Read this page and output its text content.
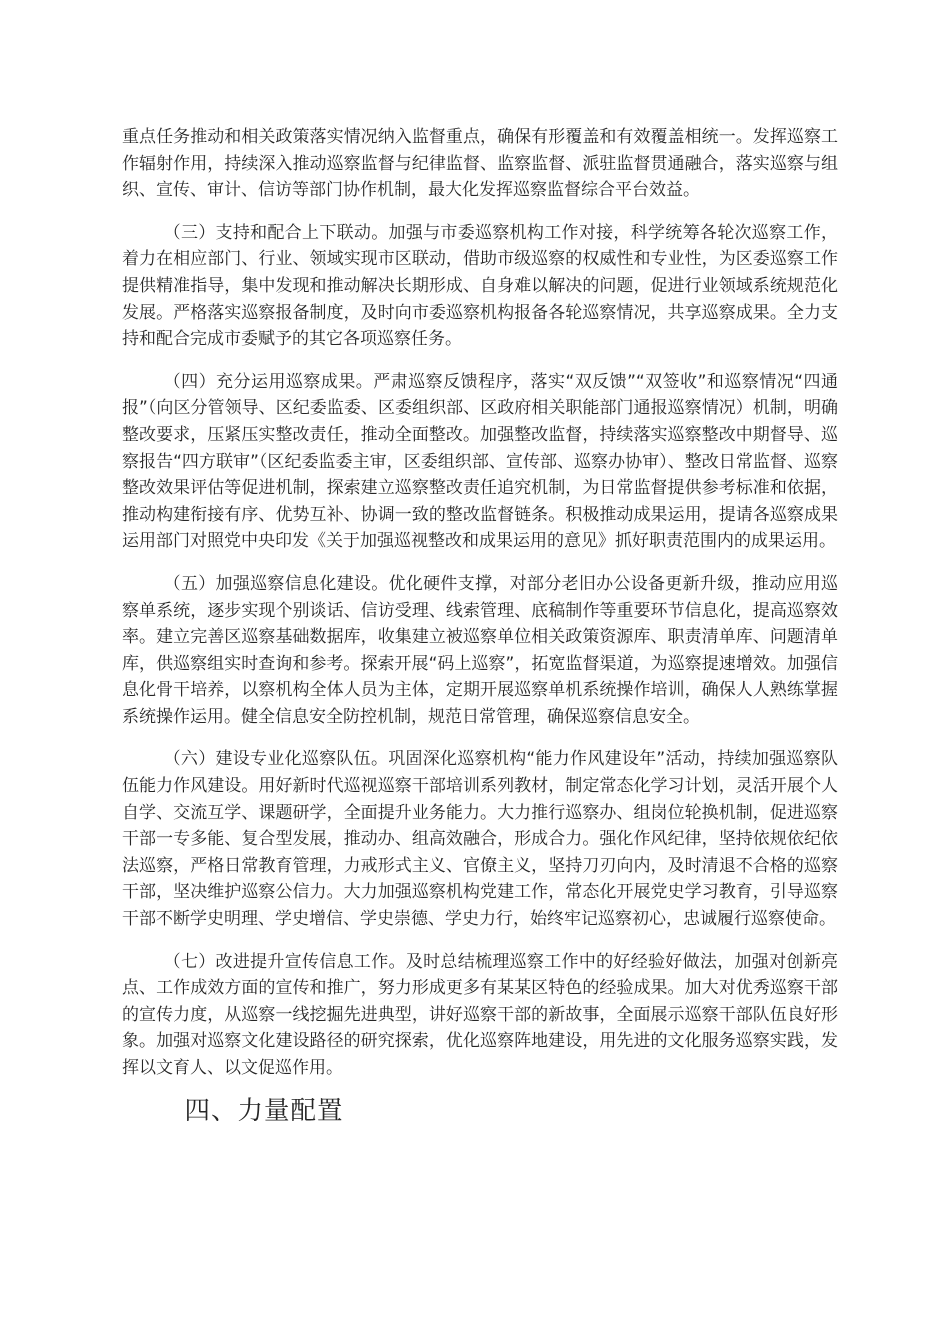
重点任务推动和相关政策落实情况纳入监督重点，确保有形覆盖和有效覆盖相统一。发挥巡察工作辐射作用，持续深入推动巡察监督与纪律监督、监察监督、派驻监督贯通融合，落实巡察与组织、宣传、审计、信访等部门协作机制，最大化发挥巡察监督综合平台效益。

（三）支持和配合上下联动。加强与市委巡察机构工作对接，科学统筹各轮次巡察工作，着力在相应部门、行业、领域实现市区联动，借助市级巡察的权威性和专业性，为区委巡察工作提供精准指导，集中发现和推动解决长期形成、自身难以解决的问题，促进行业领域系统规范化发展。严格落实巡察报备制度，及时向市委巡察机构报备各轮巡察情况，共享巡察成果。全力支持和配合完成市委赋予的其它各项巡察任务。

（四）充分运用巡察成果。严肃巡察反馈程序，落实“双反馈”“双签收”和巡察情况“四通报”（向区分管领导、区纪委监委、区委组织部、区政府相关职能部门通报巡察情况）机制，明确整改要求，压紧压实整改责任，推动全面整改。加强整改监督，持续落实巡察整改中期督导、巡察报告“四方联审”（区纪委监委主审，区委组织部、宣传部、巡察办协审）、整改日常监督、巡察整改效果评估等促进机制，探索建立巡察整改责任追究机制，为日常监督提供参考标准和依据，推动构建衔接有序、优势互补、协调一致的整改监督链条。积极推动成果运用，提请各巡察成果运用部门对照党中央印发《关于加强巡视整改和成果运用的意见》抓好职责范围内的成果运用。

（五）加强巡察信息化建设。优化硬件支撑，对部分老旧办公设备更新升级，推动应用巡察单系统，逐步实现个别谈话、信访受理、线索管理、底稿制作等重要环节信息化，提高巡察效率。建立完善区巡察基础数据库，收集建立被巡察单位相关政策资源库、职责清单库、问题清单库，供巡察组实时查询和参考。探索开展“码上巡察”，拓宽监督渠道，为巡察提速增效。加强信息化骨干培养，以察机构全体人员为主体，定期开展巡察单机系统操作培训，确保人人熟练掌握系统操作运用。健全信息安全防控机制，规范日常管理，确保巡察信息安全。

（六）建设专业化巡察队伍。巩固深化巡察机构“能力作风建设年”活动，持续加强巡察队伍能力作风建设。用好新时代巡视巡察干部培训系列教材，制定常态化学习计划，灵活开展个人自学、交流互学、课题研学，全面提升业务能力。大力推行巡察办、组岗位轮换机制，促进巡察干部一专多能、复合型发展，推动办、组高效融合，形成合力。强化作风纪律，坚持依规依纪依法巡察，严格日常教育管理，力戒形式主义、官僚主义，坚持刀刃向内，及时清退不合格的巡察干部，坚决维护巡察公信力。大力加强巡察机构党建工作，常态化开展党史学习教育，引导巡察干部不断学史明理、学史增信、学史崇德、学史力行，始终牢记巡察初心，忠诚履行巡察使命。

（七）改进提升宣传信息工作。及时总结梳理巡察工作中的好经验好做法，加强对创新亮点、工作成效方面的宣传和推广，努力形成更多有某某区特色的经验成果。加大对优秀巡察干部的宣传力度，从巡察一线挖掘先进典型，讲好巡察干部的新故事，全面展示巡察干部队伍良好形象。加强对巡察文化建设路径的研究探索，优化巡察阵地建设，用先进的文化服务巡察实践，发挥以文育人、以文促巡作用。

四、力量配置
